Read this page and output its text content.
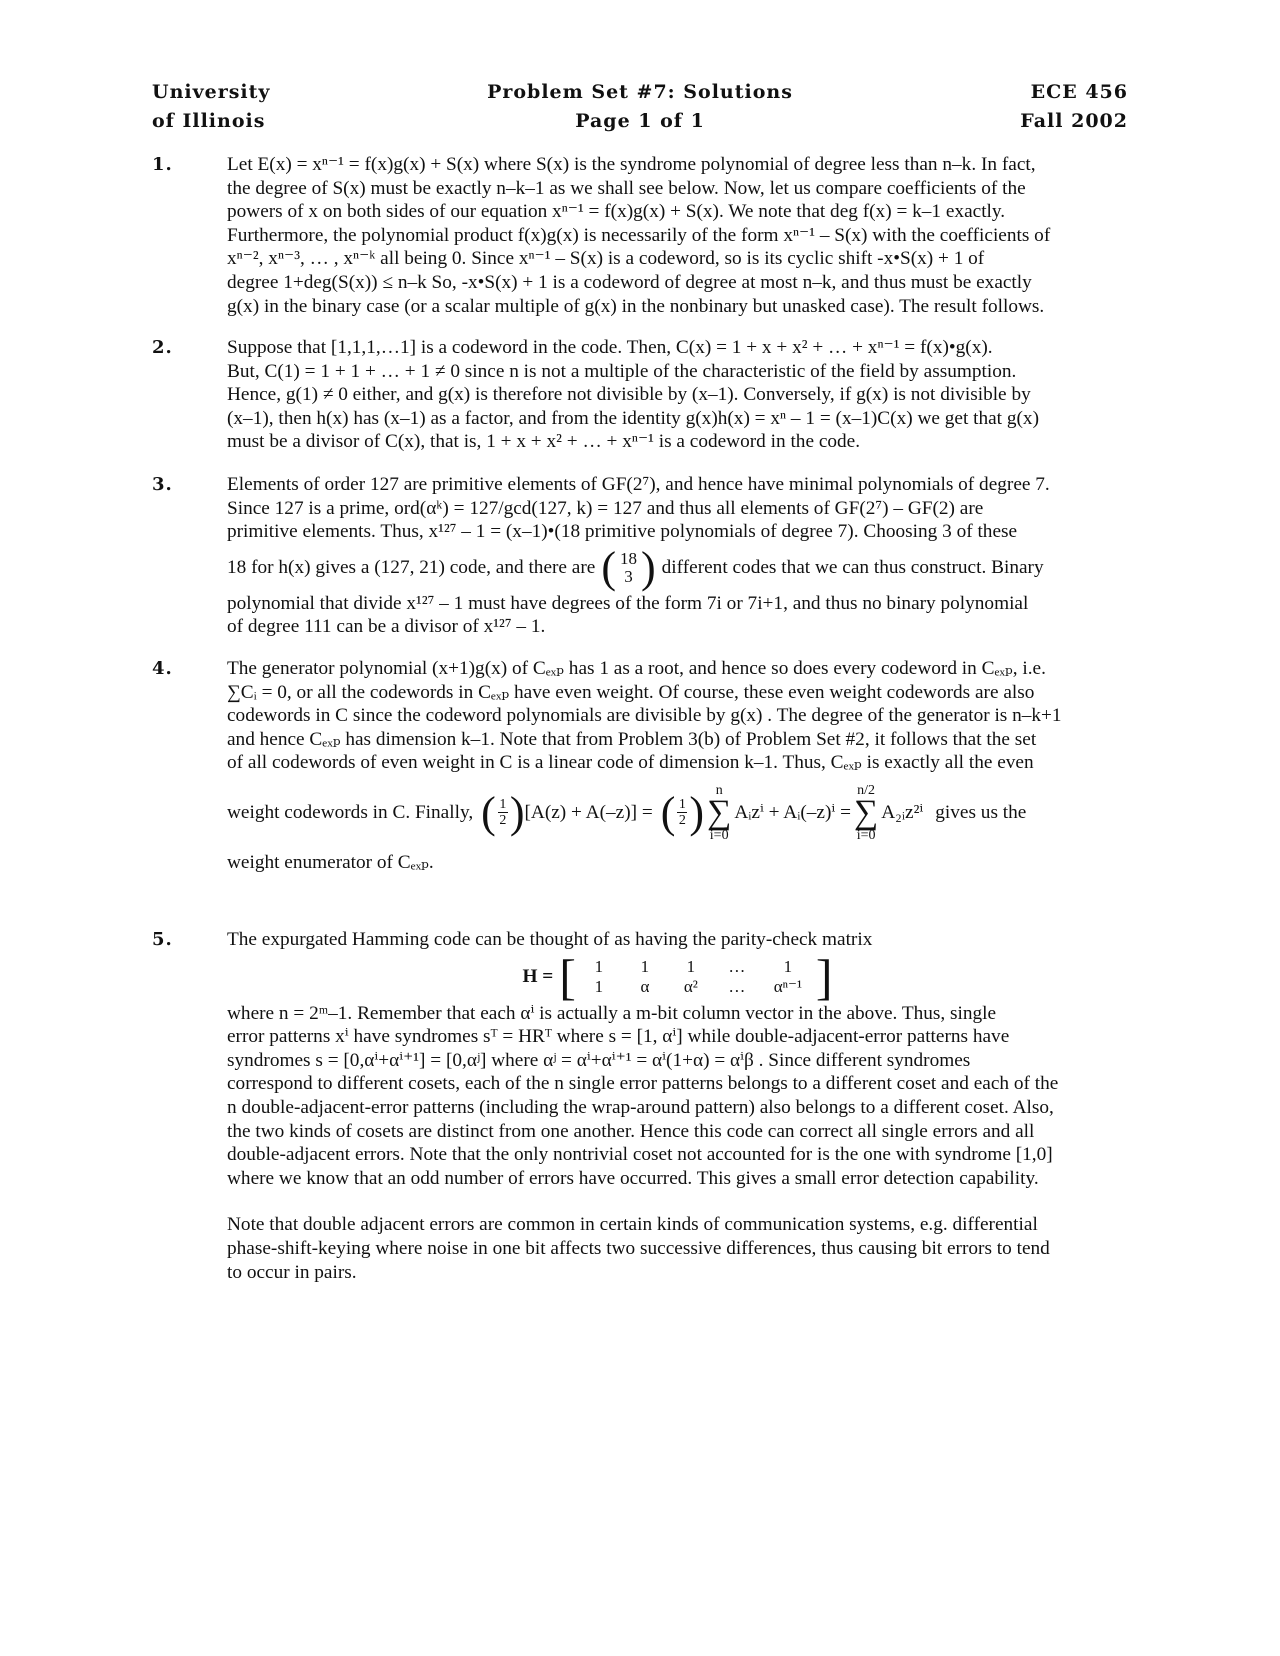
University
of Illinois
Problem Set #7: Solutions
Page 1 of 1
ECE 456
Fall 2002
1.	Let E(x) = xⁿ⁻¹ = f(x)g(x) + S(x) where S(x) is the syndrome polynomial of degree less than n–k. In fact,
the degree of S(x) must be exactly n–k–1 as we shall see below. Now, let us compare coefficients of the
powers of x on both sides of our equation xⁿ⁻¹ = f(x)g(x) + S(x). We note that deg f(x) = k–1 exactly.
Furthermore, the polynomial product f(x)g(x) is necessarily of the form xⁿ⁻¹ – S(x) with the coefficients of
xⁿ⁻², xⁿ⁻³, … , xⁿ⁻ᵏ all being 0. Since xⁿ⁻¹ – S(x) is a codeword, so is its cyclic shift -x•S(x) + 1 of
degree 1+deg(S(x)) ≤ n–k So, -x•S(x) + 1 is a codeword of degree at most n–k, and thus must be exactly
g(x) in the binary case (or a scalar multiple of g(x) in the nonbinary but unasked case). The result follows.
2.	Suppose that [1,1,1,…1] is a codeword in the code. Then, C(x) = 1 + x + x² + … + xⁿ⁻¹ = f(x)•g(x).
But, C(1) = 1 + 1 + … + 1 ≠ 0 since n is not a multiple of the characteristic of the field by assumption.
Hence, g(1) ≠ 0 either, and g(x) is therefore not divisible by (x–1). Conversely, if g(x) is not divisible by
(x–1), then h(x) has (x–1) as a factor, and from the identity g(x)h(x) = xⁿ – 1 = (x–1)C(x) we get that g(x)
must be a divisor of C(x), that is, 1 + x + x² + … + xⁿ⁻¹ is a codeword in the code.
3.	Elements of order 127 are primitive elements of GF(2⁷), and hence have minimal polynomials of degree 7.
Since 127 is a prime, ord(αᵏ) = 127/gcd(127, k) = 127 and thus all elements of GF(2⁷) – GF(2) are
primitive elements. Thus, x¹²⁷ – 1 = (x–1)•(18 primitive polynomials of degree 7). Choosing 3 of these
18 for h(x) gives a (127, 21) code, and there are ( 18
3 ) different codes that we can thus construct. Binary
polynomial that divide x¹²⁷ – 1 must have degrees of the form 7i or 7i+1, and thus no binary polynomial
of degree 111 can be a divisor of x¹²⁷ – 1.
4.	The generator polynomial (x+1)g(x) of Cₑₓₚ has 1 as a root, and hence so does every codeword in Cₑₓₚ, i.e.
∑Cᵢ = 0, or all the codewords in Cₑₓₚ have even weight. Of course, these even weight codewords are also
codewords in C since the codeword polynomials are divisible by g(x) . The degree of the generator is n–k+1
and hence Cₑₓₚ has dimension k–1. Note that from Problem 3(b) of Problem Set #2, it follows that the set
of all codewords of even weight in C is a linear code of dimension k–1. Thus, Cₑₓₚ is exactly all the even
weight codewords in C. Finally, ( $\frac{1}{2}$ ) [A(z) + A(–z)] = ( $\frac{1}{2}$ ) n
∑
i=0
Aᵢzⁱ + Aᵢ(–z)ⁱ =
n/2
∑
i=0
A₂ᵢz²ⁱ gives us the
weight enumerator of Cₑₓₚ.
5.	The expurgated Hamming code can be thought of as having the parity-check matrix
H = [	1	1	1	…	1
1	α	α²	…	αⁿ⁻¹ ]
where n = 2ᵐ–1. Remember that each αⁱ is actually a m-bit column vector in the above. Thus, single
error patterns xⁱ have syndromes sᵀ = HRᵀ where s = [1, αⁱ] while double-adjacent-error patterns have
syndromes s = [0,αⁱ+αⁱ⁺¹] = [0,αʲ] where αʲ = αⁱ+αⁱ⁺¹ = αⁱ(1+α) = αⁱβ . Since different syndromes
correspond to different cosets, each of the n single error patterns belongs to a different coset and each of the
n double-adjacent-error patterns (including the wrap-around pattern) also belongs to a different coset. Also,
the two kinds of cosets are distinct from one another. Hence this code can correct all single errors and all
double-adjacent errors. Note that the only nontrivial coset not accounted for is the one with syndrome [1,0]
where we know that an odd number of errors have occurred. This gives a small error detection capability.
Note that double adjacent errors are common in certain kinds of communication systems, e.g. differential
phase-shift-keying where noise in one bit affects two successive differences, thus causing bit errors to tend
to occur in pairs.
